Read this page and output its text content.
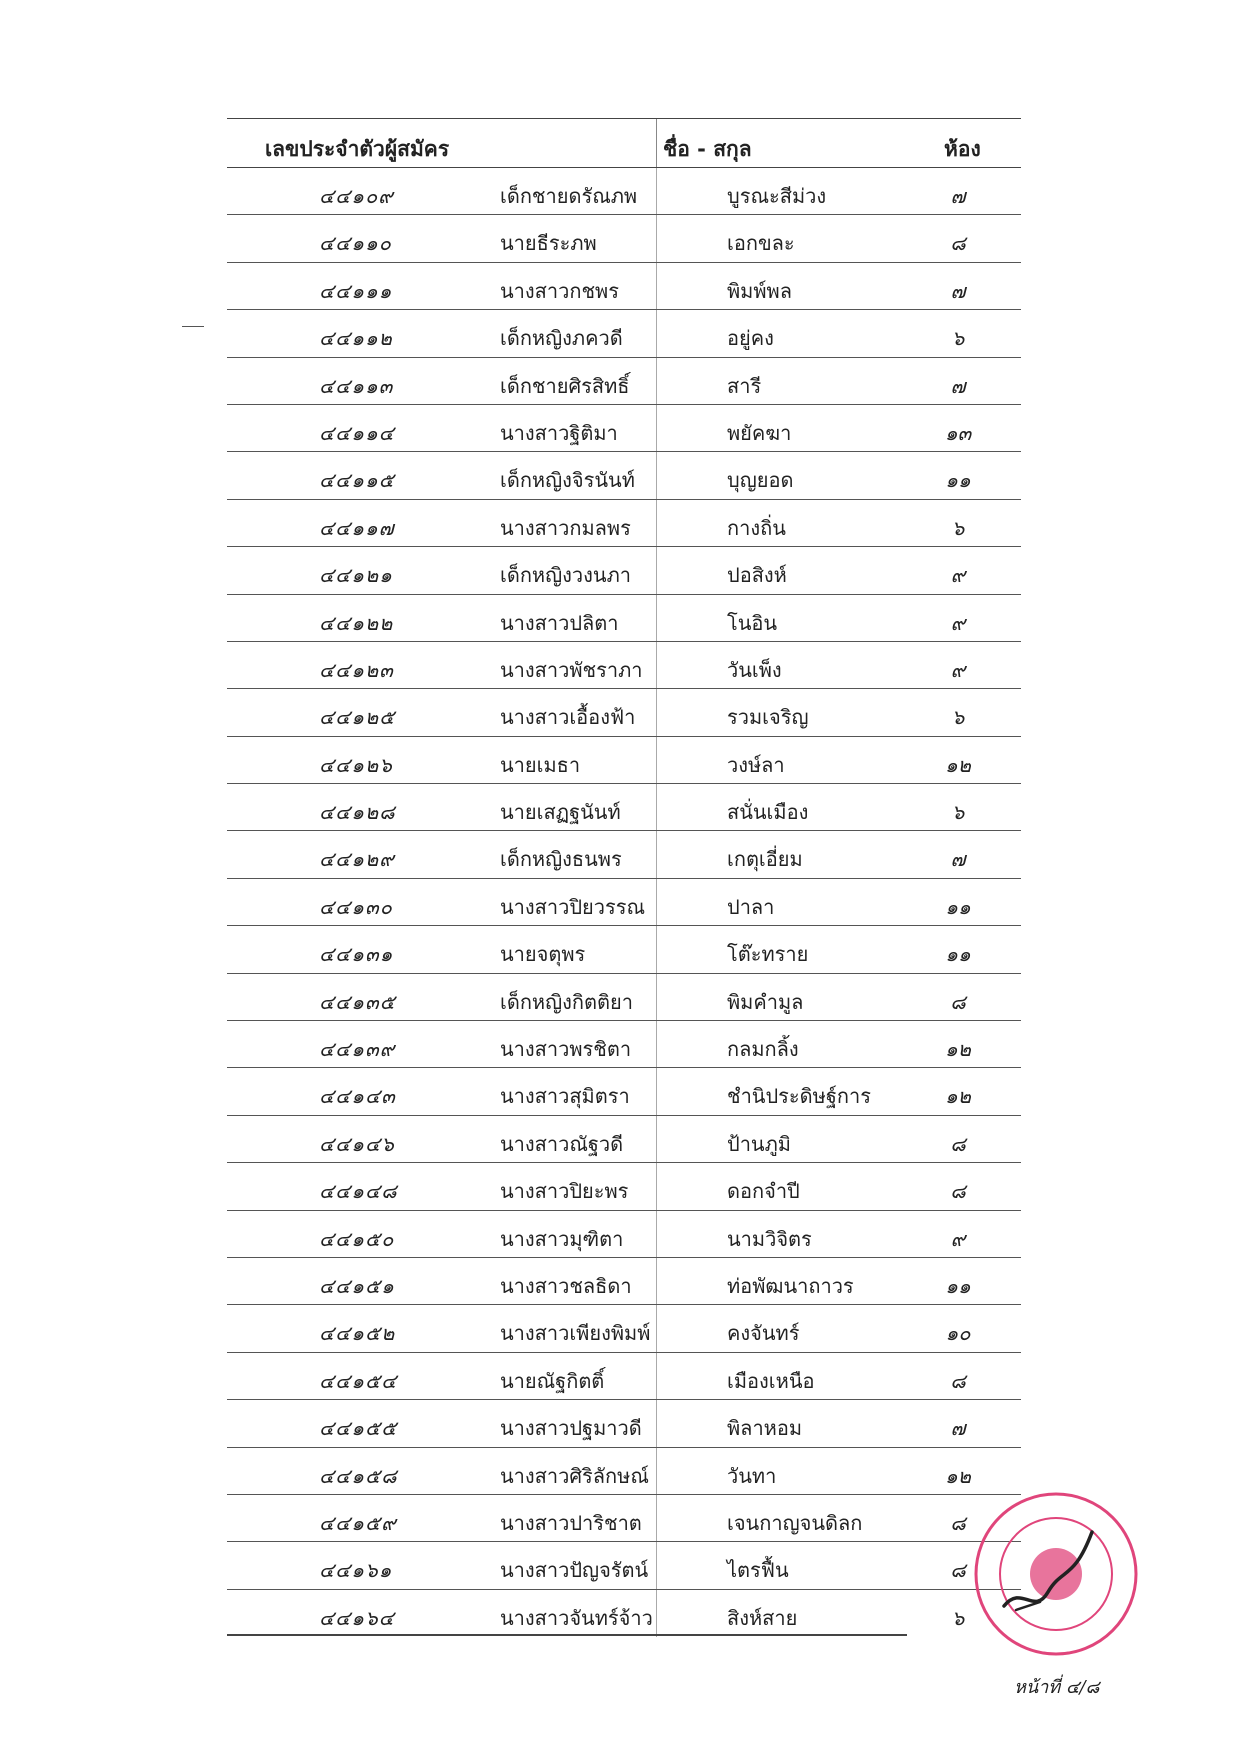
เลขประจำตัวผู้สมัคร	ชื่อ - สกุล	ห้อง
๔๔๑๐๙	เด็กชายดรัณภพ	บูรณะสีม่วง	๗
๔๔๑๑๐	นายธีระภพ	เอกขละ	๘
๔๔๑๑๑	นางสาวกชพร	พิมพ์พล	๗
๔๔๑๑๒	เด็กหญิงภควดี	อยู่คง	๖
๔๔๑๑๓	เด็กชายศิรสิทธิ์	สารี	๗
๔๔๑๑๔	นางสาวฐิติมา	พยัคฆา	๑๓
๔๔๑๑๕	เด็กหญิงจิรนันท์	บุญยอด	๑๑
๔๔๑๑๗	นางสาวกมลพร	กางถิ่น	๖
๔๔๑๒๑	เด็กหญิงวงนภา	ปอสิงห์	๙
๔๔๑๒๒	นางสาวปลิตา	โนอิน	๙
๔๔๑๒๓	นางสาวพัชราภา	วันเพ็ง	๙
๔๔๑๒๕	นางสาวเอื้องฟ้า	รวมเจริญ	๖
๔๔๑๒๖	นายเมธา	วงษ์ลา	๑๒
๔๔๑๒๘	นายเสฏฐนันท์	สนั่นเมือง	๖
๔๔๑๒๙	เด็กหญิงธนพร	เกตุเอี่ยม	๗
๔๔๑๓๐	นางสาวปิยวรรณ	ปาลา	๑๑
๔๔๑๓๑	นายจตุพร	โต๊ะทราย	๑๑
๔๔๑๓๕	เด็กหญิงกิตติยา	พิมคำมูล	๘
๔๔๑๓๙	นางสาวพรชิตา	กลมกลิ้ง	๑๒
๔๔๑๔๓	นางสาวสุมิตรา	ชำนิประดิษฐ์การ	๑๒
๔๔๑๔๖	นางสาวณัฐวดี	ป้านภูมิ	๘
๔๔๑๔๘	นางสาวปิยะพร	ดอกจำปี	๘
๔๔๑๕๐	นางสาวมุฑิตา	นามวิจิตร	๙
๔๔๑๕๑	นางสาวชลธิดา	ท่อพัฒนาถาวร	๑๑
๔๔๑๕๒	นางสาวเพียงพิมพ์	คงจันทร์	๑๐
๔๔๑๕๔	นายณัฐกิตติ์	เมืองเหนือ	๘
๔๔๑๕๕	นางสาวปฐมาวดี	พิลาหอม	๗
๔๔๑๕๘	นางสาวศิริลักษณ์	วันทา	๑๒
๔๔๑๕๙	นางสาวปาริชาต	เจนกาญจนดิลก	๘
๔๔๑๖๑	นางสาวปัญจรัตน์	ไตรฟื้น	๘
๔๔๑๖๔	นางสาวจันทร์จ้าว	สิงห์สาย	๖
หน้าที่ ๔/๘
